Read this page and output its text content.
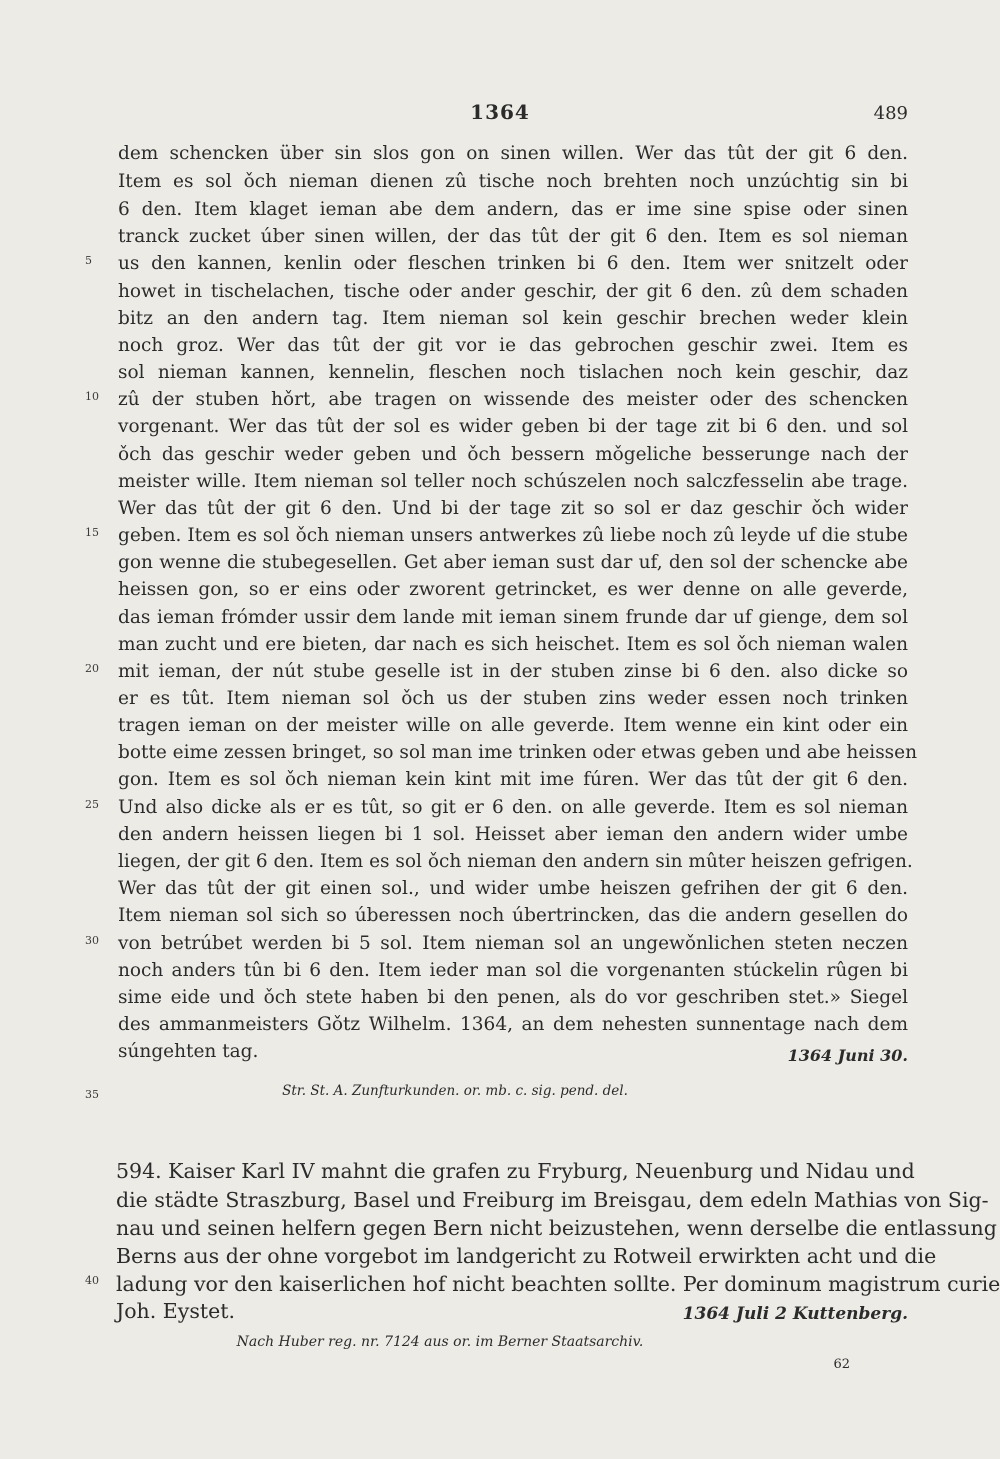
1364	489
dem schencken über sin slos gon on sinen willen. Wer das tût der git 6 den.
Item es sol ǒch nieman dienen zû tische noch brehten noch unzúchtig sin bi
6 den. Item klaget ieman abe dem andern, das er ime sine spise oder sinen
tranck zucket úber sinen willen, der das tût der git 6 den. Item es sol nieman
us den kannen, kenlin oder fleschen trinken bi 6 den. Item wer snitzelt oder
howet in tischelachen, tische oder ander geschir, der git 6 den. zû dem schaden
bitz an den andern tag. Item nieman sol kein geschir brechen weder klein
noch groz. Wer das tût der git vor ie das gebrochen geschir zwei. Item es
sol nieman kannen, kennelin, fleschen noch tislachen noch kein geschir, daz
zû der stuben hǒrt, abe tragen on wissende des meister oder des schencken
vorgenant. Wer das tût der sol es wider geben bi der tage zit bi 6 den. und sol
ǒch das geschir weder geben und ǒch bessern mǒgeliche besserunge nach der
meister wille. Item nieman sol teller noch schúszelen noch salczfesselin abe trage.
Wer das tût der git 6 den. Und bi der tage zit so sol er daz geschir ǒch wider
geben. Item es sol ǒch nieman unsers antwerkes zû liebe noch zû leyde uf die stube
gon wenne die stubegesellen. Get aber ieman sust dar uf, den sol der schencke abe
heissen gon, so er eins oder zworent getrincket, es wer denne on alle geverde,
das ieman frómder ussir dem lande mit ieman sinem frunde dar uf gienge, dem sol
man zucht und ere bieten, dar nach es sich heischet. Item es sol ǒch nieman walen
mit ieman, der nút stube geselle ist in der stuben zinse bi 6 den. also dicke so
er es tût. Item nieman sol ǒch us der stuben zins weder essen noch trinken
tragen ieman on der meister wille on alle geverde. Item wenne ein kint oder ein
botte eime zessen bringet, so sol man ime trinken oder etwas geben und abe heissen
gon. Item es sol ǒch nieman kein kint mit ime fúren. Wer das tût der git 6 den.
Und also dicke als er es tût, so git er 6 den. on alle geverde. Item es sol nieman
den andern heissen liegen bi 1 sol. Heisset aber ieman den andern wider umbe
liegen, der git 6 den. Item es sol ǒch nieman den andern sin mûter heiszen gefrigen.
Wer das tût der git einen sol., und wider umbe heiszen gefrihen der git 6 den.
Item nieman sol sich so úberessen noch úbertrincken, das die andern gesellen do
von betrúbet werden bi 5 sol. Item nieman sol an ungewǒnlichen steten neczen
noch anders tûn bi 6 den. Item ieder man sol die vorgenanten stúckelin rûgen bi
sime eide und ǒch stete haben bi den penen, als do vor geschriben stet.» Siegel
des ammanmeisters Gǒtz Wilhelm. 1364, an dem nehesten sunnentage nach dem
súngehten tag.	1364 Juni 30.
Str. St. A. Zunfturkunden. or. mb. c. sig. pend. del.
594. Kaiser Karl IV mahnt die grafen zu Fryburg, Neuenburg und Nidau und
die städte Straszburg, Basel und Freiburg im Breisgau, dem edeln Mathias von Sig-
nau und seinen helfern gegen Bern nicht beizustehen, wenn derselbe die entlassung
Berns aus der ohne vorgebot im landgericht zu Rotweil erwirkten acht und die
ladung vor den kaiserlichen hof nicht beachten sollte. Per dominum magistrum curie
Joh. Eystet.	1364 Juli 2 Kuttenberg.
Nach Huber reg. nr. 7124 aus or. im Berner Staatsarchiv.
62
5
10
15
20
25
30
35
40
